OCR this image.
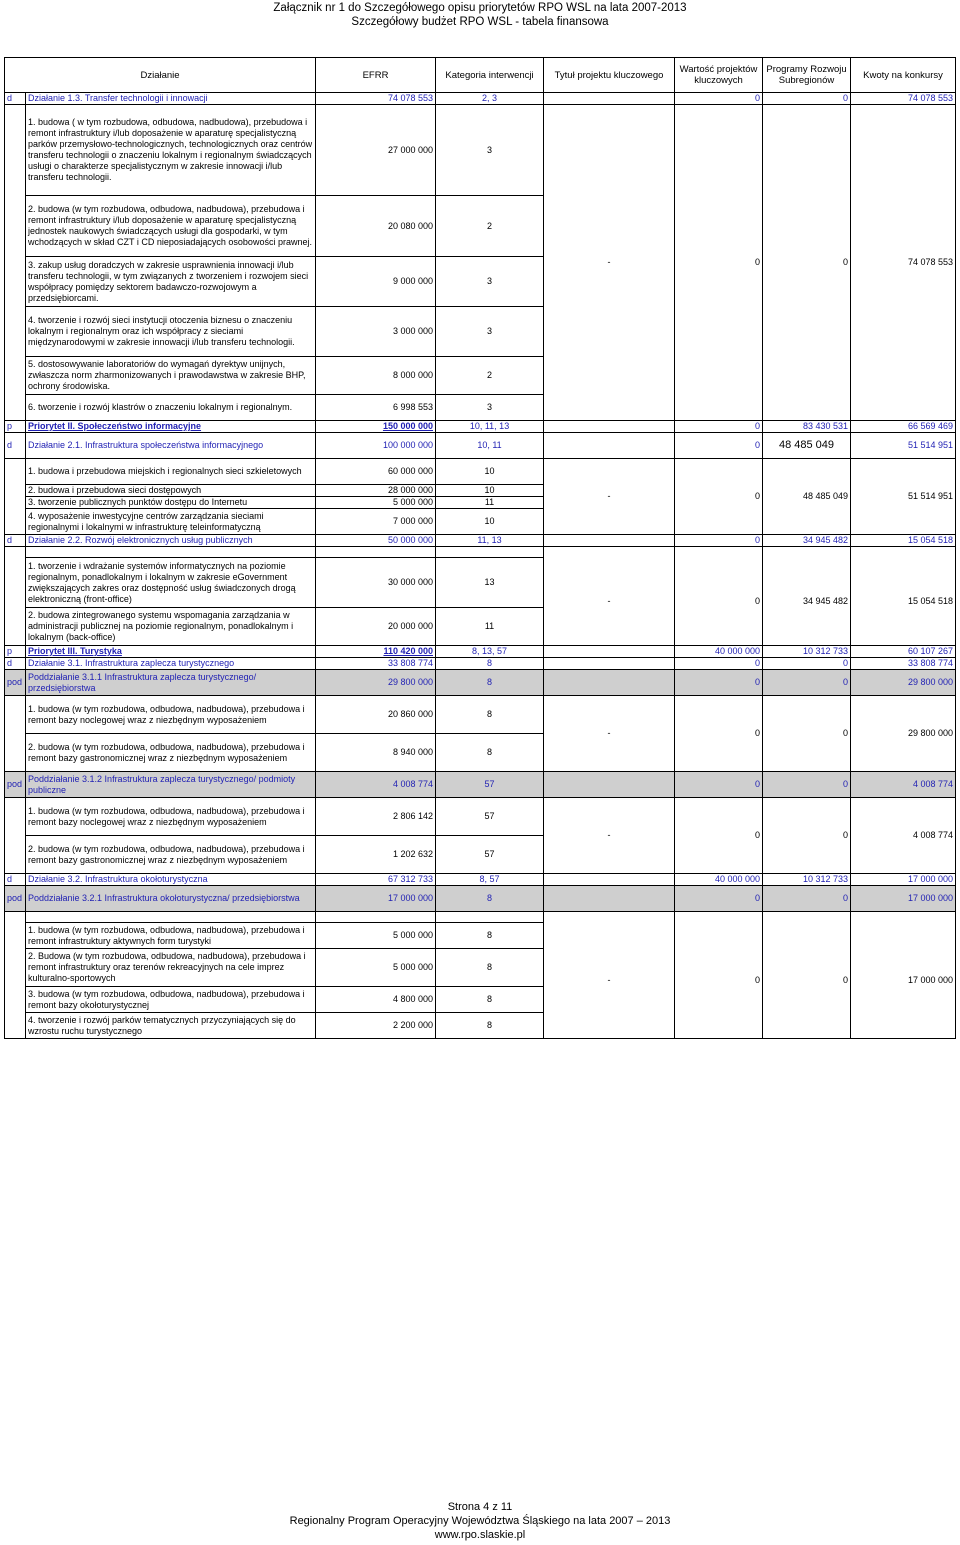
Załącznik nr 1 do Szczegółowego opisu priorytetów RPO WSL na lata 2007-2013
Szczegółowy budżet RPO WSL - tabela finansowa
Działanie		EFRR	Kategoria interwencji	Tytuł projektu kluczowego	Wartość projektów kluczowych	Programy Rozwoju Subregionów	Kwoty na konkursy
d	Działanie 1.3. Transfer technologii i innowacji	74 078 553	2, 3		0	0	74 078 553
	1. budowa ( w tym rozbudowa, odbudowa, nadbudowa), przebudowa i remont infrastruktury i/lub doposażenie w aparaturę specjalistyczną parków przemysłowo-technologicznych, technologicznych oraz centrów transferu technologii o znaczeniu lokalnym i regionalnym świadczących usługi o charakterze specjalistycznym w zakresie innowacji i/lub transferu technologii.	27 000 000	3	-	0	0	74 078 553
	2. budowa (w tym rozbudowa, odbudowa, nadbudowa), przebudowa i remont infrastruktury i/lub doposażenie w aparaturę specjalistyczną jednostek naukowych świadczących usługi dla gospodarki, w tym wchodzących w skład CZT i CD nieposiadających osobowości prawnej.	20 080 000	2				
	3. zakup usług doradczych w zakresie usprawnienia innowacji i/lub transferu technologii, w tym związanych z tworzeniem i rozwojem sieci współpracy pomiędzy sektorem badawczo-rozwojowym a przedsiębiorcami.	9 000 000	3				
	4. tworzenie i rozwój sieci instytucji otoczenia biznesu o znaczeniu lokalnym i regionalnym oraz ich współpracy z sieciami międzynarodowymi w zakresie innowacji i/lub transferu technologii.	3 000 000	3				
	5. dostosowywanie laboratoriów do wymagań dyrektyw unijnych, zwłaszcza norm zharmonizowanych i prawodawstwa w zakresie BHP, ochrony środowiska.	8 000 000	2				
	6. tworzenie i rozwój klastrów o znaczeniu lokalnym i regionalnym.	6 998 553	3				
p	Priorytet II. Społeczeństwo informacyjne	150 000 000	10, 11, 13		0	83 430 531	66 569 469
d	Działanie 2.1. Infrastruktura społeczeństwa informacyjnego	100 000 000	10, 11		0	48 485 049	51 514 951
	1. budowa i przebudowa miejskich i regionalnych sieci szkieletowych	60 000 000	10	-	0	48 485 049	51 514 951
	2. budowa i przebudowa sieci dostępowych	28 000 000	10				
	3. tworzenie publicznych punktów dostępu do Internetu	5 000 000	11				
	4. wyposażenie inwestycyjne centrów zarządzania sieciami regionalnymi i lokalnymi w infrastrukturę teleinformatyczną	7 000 000	10				
d	Działanie 2.2. Rozwój elektronicznych usług publicznych	50 000 000	11, 13		0	34 945 482	15 054 518

	1. tworzenie i wdrażanie systemów informatycznych na poziomie regionalnym, ponadlokalnym i lokalnym w zakresie eGovernment zwiększających zakres oraz dostępność usług świadczonych drogą elektroniczną (front-office)	30 000 000	13	-	0	34 945 482	15 054 518
	2. budowa zintegrowanego systemu wspomagania zarządzania w administracji publicznej na poziomie regionalnym, ponadlokalnym i lokalnym (back-office)	20 000 000	11				
p	Priorytet III. Turystyka	110 420 000	8, 13, 57		40 000 000	10 312 733	60 107 267
d	Działanie 3.1. Infrastruktura zaplecza turystycznego	33 808 774	8		0	0	33 808 774
pod	Poddziałanie 3.1.1 Infrastruktura zaplecza turystycznego/ przedsiębiorstwa	29 800 000	8		0	0	29 800 000
	1. budowa (w tym rozbudowa, odbudowa, nadbudowa), przebudowa i remont bazy noclegowej wraz z niezbędnym wyposażeniem	20 860 000	8	-	0	0	29 800 000
	2. budowa (w tym rozbudowa, odbudowa, nadbudowa), przebudowa i remont bazy gastronomicznej wraz z niezbędnym wyposażeniem	8 940 000	8				
pod	Poddziałanie 3.1.2 Infrastruktura zaplecza turystycznego/ podmioty publiczne	4 008 774	57		0	0	4 008 774
	1. budowa (w tym rozbudowa, odbudowa, nadbudowa), przebudowa i remont bazy noclegowej wraz z niezbędnym wyposażeniem	2 806 142	57	-	0	0	4 008 774
	2. budowa (w tym rozbudowa, odbudowa, nadbudowa), przebudowa i remont bazy gastronomicznej wraz z niezbędnym wyposażeniem	1 202 632	57				
d	Działanie 3.2. Infrastruktura okołoturystyczna	67 312 733	8, 57		40 000 000	10 312 733	17 000 000
pod	Poddziałanie 3.2.1 Infrastruktura okołoturystyczna/ przedsiębiorstwa	17 000 000	8		0	0	17 000 000

	1. budowa (w tym rozbudowa, odbudowa, nadbudowa), przebudowa i remont infrastruktury aktywnych form turystyki	5 000 000	8	-	0	0	17 000 000
	2. Budowa (w tym rozbudowa, odbudowa, nadbudowa), przebudowa i remont infrastruktury oraz terenów rekreacyjnych na cele imprez kulturalno-sportowych	5 000 000	8				
	3. budowa (w tym rozbudowa, odbudowa, nadbudowa), przebudowa i remont bazy okołoturystycznej	4 800 000	8				
	4. tworzenie i rozwój parków tematycznych przyczyniających się do wzrostu ruchu turystycznego	2 200 000	8				
Strona 4 z 11
Regionalny Program Operacyjny Województwa Śląskiego na lata 2007 – 2013
www.rpo.slaskie.pl
